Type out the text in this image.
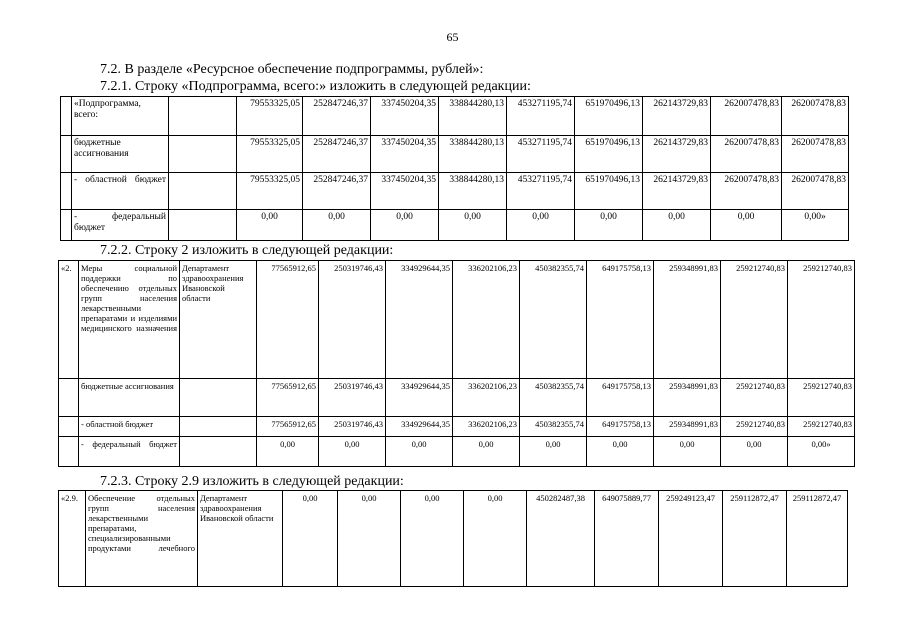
65
7.2. В разделе «Ресурсное обеспечение подпрограммы, рублей»:
7.2.1. Строку «Подпрограмма, всего:» изложить в следующей редакции:
	«Подпрограмма, всего:		79553325,05	252847246,37	337450204,35	338844280,13	453271195,74	651970496,13	262143729,83	262007478,83	262007478,83
	бюджетные ассигнования		79553325,05	252847246,37	337450204,35	338844280,13	453271195,74	651970496,13	262143729,83	262007478,83	262007478,83
	- областной бюджет		79553325,05	252847246,37	337450204,35	338844280,13	453271195,74	651970496,13	262143729,83	262007478,83	262007478,83
	- федеральный бюджет		0,00	0,00	0,00	0,00	0,00	0,00	0,00	0,00	0,00»
7.2.2. Строку 2 изложить в следующей редакции:
«2.	Меры социальной поддержки по обеспечению отдельных групп населения лекарственными препаратами и изделиями медицинского назначения	Департамент здравоохранения Ивановской области	77565912,65	250319746,43	334929644,35	336202106,23	450382355,74	649175758,13	259348991,83	259212740,83	259212740,83
	бюджетные ассигнования		77565912,65	250319746,43	334929644,35	336202106,23	450382355,74	649175758,13	259348991,83	259212740,83	259212740,83
	- областной бюджет		77565912,65	250319746,43	334929644,35	336202106,23	450382355,74	649175758,13	259348991,83	259212740,83	259212740,83
	- федеральный бюджет		0,00	0,00	0,00	0,00	0,00	0,00	0,00	0,00	0,00»
7.2.3. Строку 2.9 изложить в следующей редакции:
«2.9.	Обеспечение отдельных групп населения лекарственными препаратами, специализированными продуктами лечебного	Департамент здравоохранения Ивановской области	0,00	0,00	0,00	0,00	450282487,38	649075889,77	259249123,47	259112872,47	259112872,47
